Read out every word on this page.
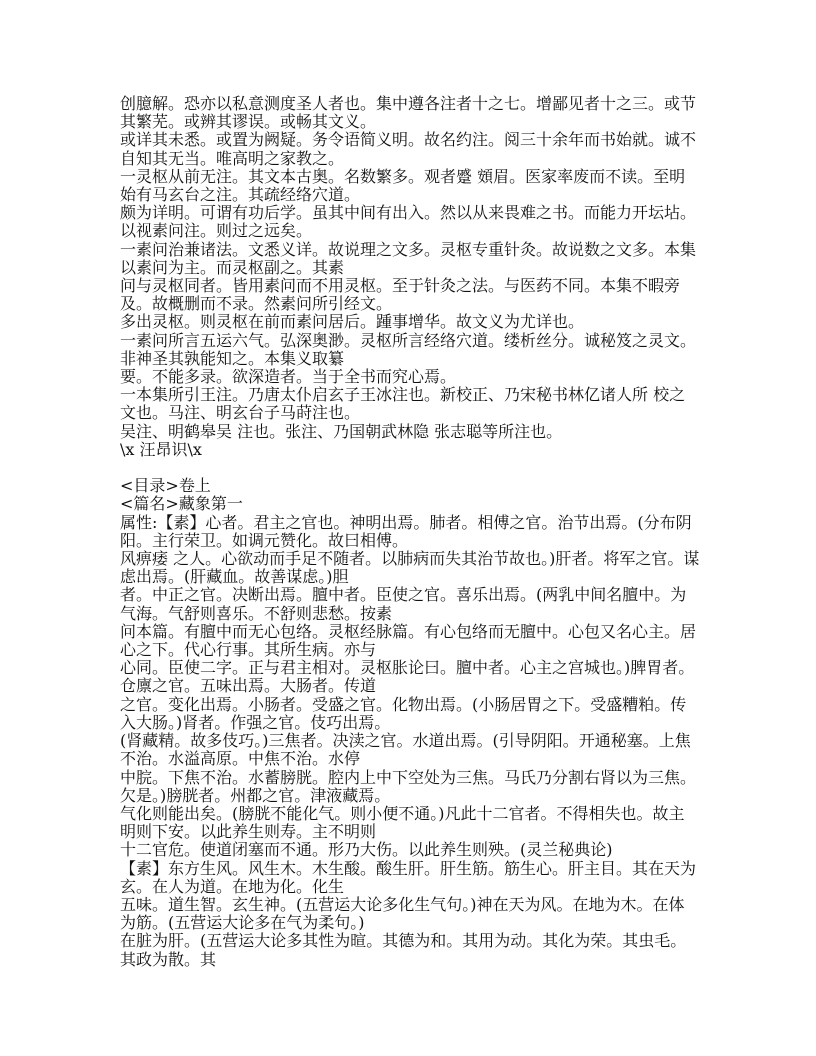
创臆解。恐亦以私意测度圣人者也。集中遵各注者十之七。增鄙见者十之三。或节其繁芜。或辨其谬误。或畅其文义。

或详其未悉。或置为阙疑。务令语简义明。故名约注。阅三十余年而书始就。诚不自知其无当。唯高明之家教之。

一灵枢从前无注。其文本古奥。名数繁多。观者蹙 頞眉。医家率废而不读。至明始有马玄台之注。其疏经络穴道。

颇为详明。可谓有功后学。虽其中间有出入。然以从来畏难之书。而能力开坛坫。以视素问注。则过之远矣。

一素问治兼诸法。文悉义详。故说理之文多。灵枢专重针灸。故说数之文多。本集以素问为主。而灵枢副之。其素

问与灵枢同者。皆用素问而不用灵枢。至于针灸之法。与医药不同。本集不暇旁及。故概删而不录。然素问所引经文。

多出灵枢。则灵枢在前而素问居后。踵事增华。故文义为尤详也。

一素问所言五运六气。弘深奥渺。灵枢所言经络穴道。缕析丝分。诚秘笈之灵文。非神圣其孰能知之。本集义取纂

要。不能多录。欲深造者。当于全书而究心焉。

一本集所引王注。乃唐太仆启玄子王冰注也。新校正、乃宋秘书林亿诸人所 校之文也。马注、明玄台子马莳注也。

吴注、明鹤皋吴 注也。张注、乃国朝武林隐 张志聪等所注也。

\x 汪昂识\x

<目录>卷上

<篇名>藏象第一

属性:【素】心者。君主之官也。神明出焉。肺者。相傅之官。治节出焉。(分布阴阳。主行荣卫。如调元赞化。故曰相傅。

风痹痿 之人。心欲动而手足不随者。以肺病而失其治节故也。)肝者。将军之官。谋虑出焉。(肝藏血。故善谋虑。)胆

者。中正之官。决断出焉。膻中者。臣使之官。喜乐出焉。(两乳中间名膻中。为气海。气舒则喜乐。不舒则悲愁。按素

问本篇。有膻中而无心包络。灵枢经脉篇。有心包络而无膻中。心包又名心主。居心之下。代心行事。其所生病。亦与

心同。臣使二字。正与君主相对。灵枢胀论曰。膻中者。心主之宫城也。)脾胃者。仓廪之官。五味出焉。大肠者。传道

之官。变化出焉。小肠者。受盛之官。化物出焉。(小肠居胃之下。受盛糟粕。传入大肠。)肾者。作强之官。伎巧出焉。

(肾藏精。故多伎巧。)三焦者。决渎之官。水道出焉。(引导阴阳。开通秘塞。上焦不治。水溢高原。中焦不治。水停

中脘。下焦不治。水蓄膀胱。腔内上中下空处为三焦。马氏乃分割右肾以为三焦。欠是。)膀胱者。州都之官。津液藏焉。

气化则能出矣。(膀胱不能化气。则小便不通。)凡此十二官者。不得相失也。故主明则下安。以此养生则寿。主不明则

十二官危。使道闭塞而不通。形乃大伤。以此养生则殃。(灵兰秘典论)

【素】东方生风。风生木。木生酸。酸生肝。肝生筋。筋生心。肝主目。其在天为玄。在人为道。在地为化。化生

五味。道生智。玄生神。(五营运大论多化生气句。)神在天为风。在地为木。在体为筋。(五营运大论多在气为柔句。)

在脏为肝。(五营运大论多其性为暄。其德为和。其用为动。其化为荣。其虫毛。其政为散。其
